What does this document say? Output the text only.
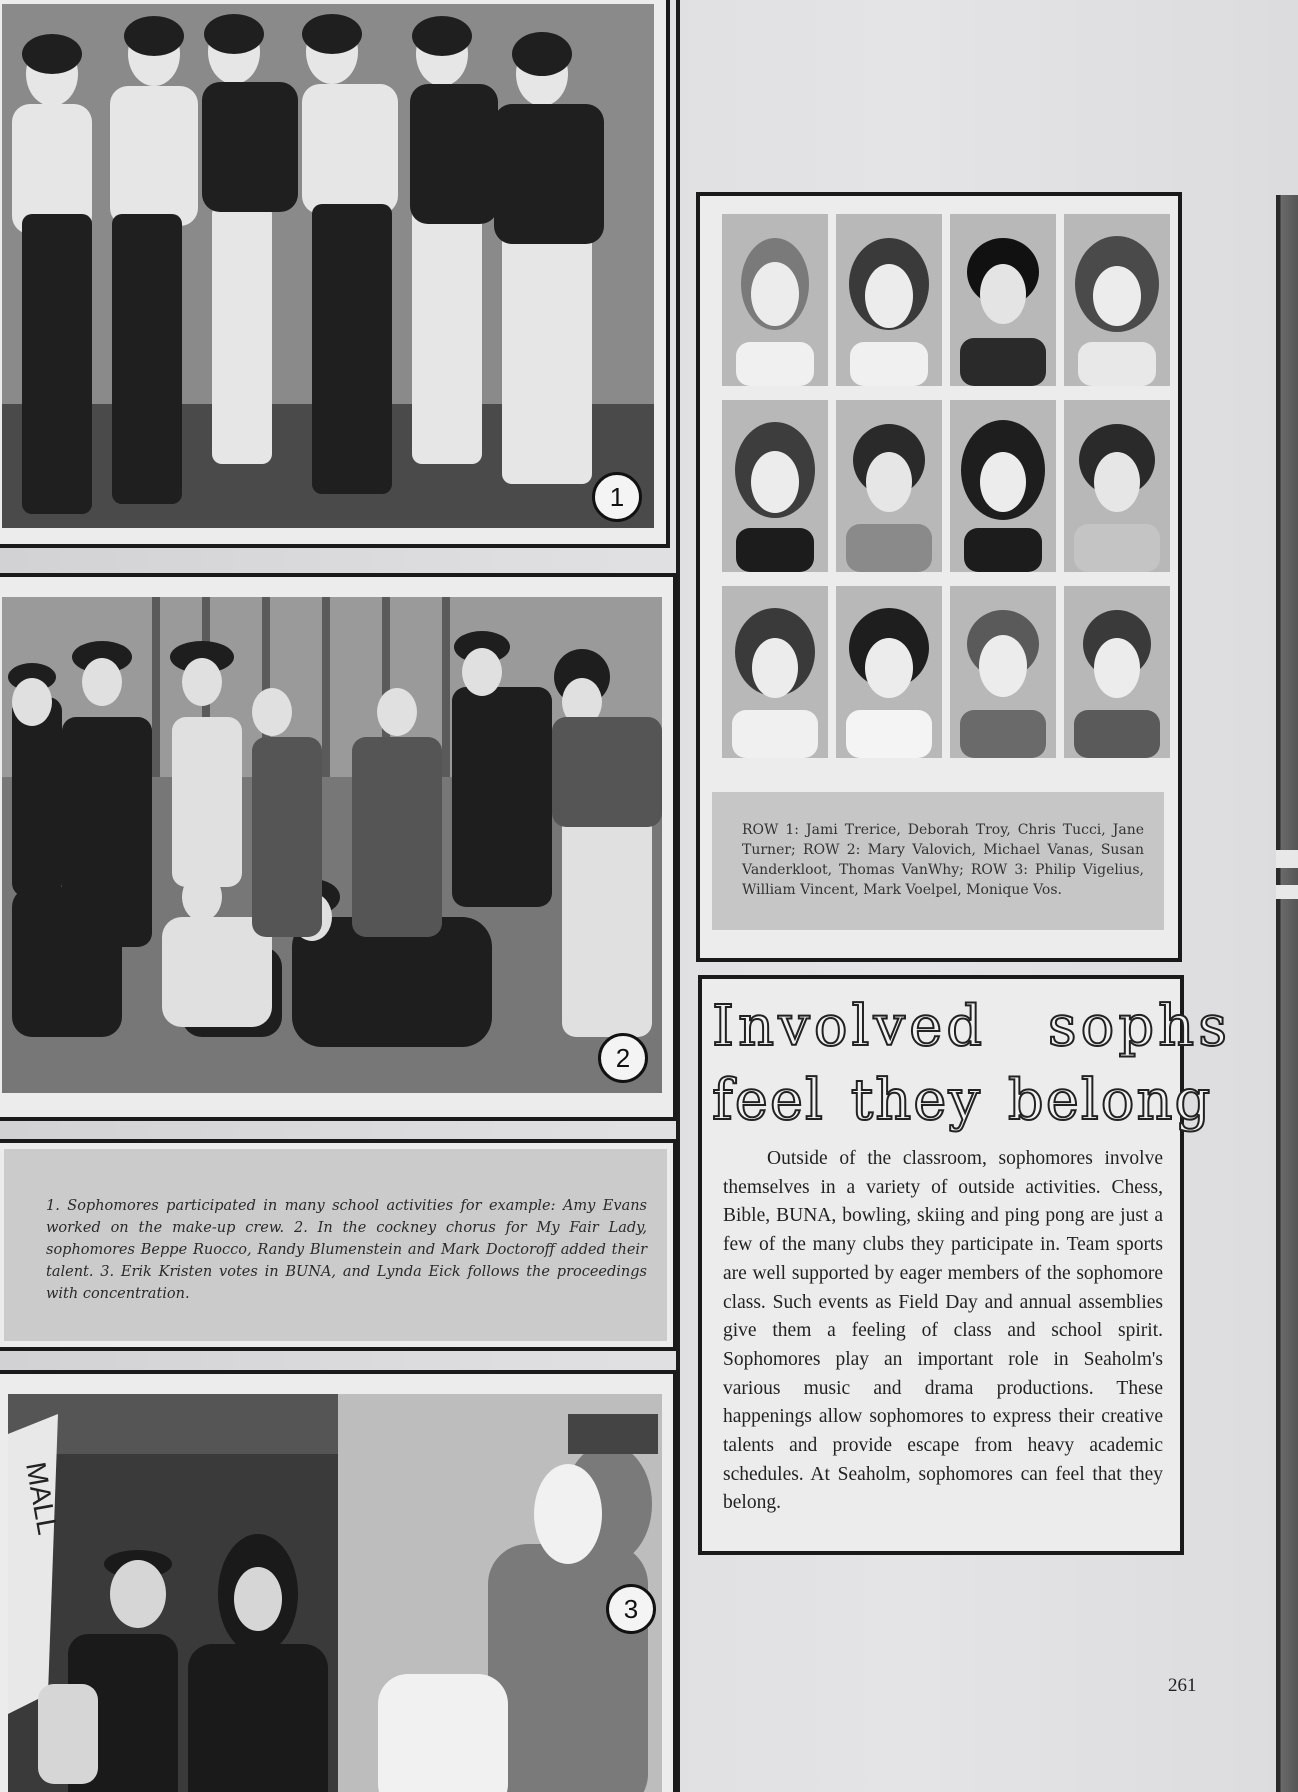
1
2
1. Sophomores participated in many school activities for example: Amy Evans worked on the make-up crew. 2. In the cockney chorus for My Fair Lady, sophomores Beppe Ruocco, Randy Blumenstein and Mark Doctoroff added their talent. 3. Erik Kristen votes in BUNA, and Lynda Eick follows the proceedings with concentration.
MALL
3
ROW 1: Jami Trerice, Deborah Troy, Chris Tucci, Jane Turner; ROW 2: Mary Valovich, Michael Vanas, Susan Vanderkloot, Thomas VanWhy; ROW 3: Philip Vigelius, William Vincent, Mark Voelpel, Monique Vos.
Involved sophs
feel they belong
Outside of the classroom, sophomores involve themselves in a variety of outside activities. Chess, Bible, BUNA, bowling, skiing and ping pong are just a few of the many clubs they participate in. Team sports are well supported by eager members of the sophomore class. Such events as Field Day and annual assemblies give them a feeling of class and school spirit. Sophomores play an important role in Seaholm's various music and drama productions. These happenings allow sophomores to express their creative talents and provide escape from heavy academic schedules. At Seaholm, sophomores can feel that they belong.
261
